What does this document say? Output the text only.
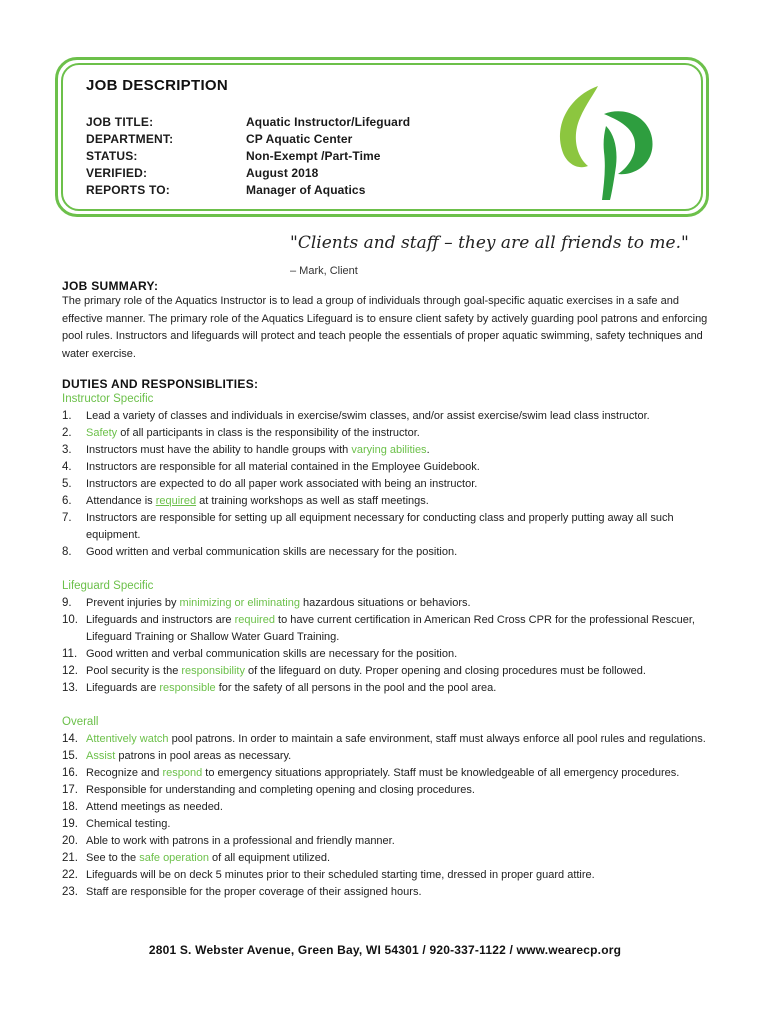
JOB DESCRIPTION
JOB TITLE:	Aquatic Instructor/Lifeguard
DEPARTMENT:	CP Aquatic Center
STATUS:	Non-Exempt /Part-Time
VERIFIED:	August 2018
REPORTS TO:	Manager of Aquatics
"Clients and staff – they are all friends to me."
– Mark, Client
JOB SUMMARY:

The primary role of the Aquatics Instructor is to lead a group of individuals through goal-specific aquatic exercises in a safe and effective manner. The primary role of the Aquatics Lifeguard is to ensure client safety by actively guarding pool patrons and enforcing pool rules. Instructors and lifeguards will protect and teach people the essentials of proper aquatic swimming, safety techniques and water exercise.

DUTIES AND RESPONSIBLITIES:
Instructor Specific
1.	Lead a variety of classes and individuals in exercise/swim classes, and/or assist exercise/swim lead class instructor.
2.	Safety of all participants in class is the responsibility of the instructor.
3.	Instructors must have the ability to handle groups with varying abilities.
4.	Instructors are responsible for all material contained in the Employee Guidebook.
5.	Instructors are expected to do all paper work associated with being an instructor.
6.	Attendance is required at training workshops as well as staff meetings.
7.	Instructors are responsible for setting up all equipment necessary for conducting class and properly putting away all such equipment.
8.	Good written and verbal communication skills are necessary for the position.
Lifeguard Specific
9.	Prevent injuries by minimizing or eliminating hazardous situations or behaviors.
10. Lifeguards and instructors are required to have current certification in American Red Cross CPR for the professional Rescuer, Lifeguard Training or Shallow Water Guard Training.
11. Good written and verbal communication skills are necessary for the position.
12. Pool security is the responsibility of the lifeguard on duty. Proper opening and closing procedures must be followed.
13. Lifeguards are responsible for the safety of all persons in the pool and the pool area.
Overall
14. Attentively watch pool patrons. In order to maintain a safe environment, staff must always enforce all pool rules and regulations.
15. Assist patrons in pool areas as necessary.
16. Recognize and respond to emergency situations appropriately. Staff must be knowledgeable of all emergency procedures.
17. Responsible for understanding and completing opening and closing procedures.
18. Attend meetings as needed.
19. Chemical testing.
20. Able to work with patrons in a professional and friendly manner.
21. See to the safe operation of all equipment utilized.
22. Lifeguards will be on deck 5 minutes prior to their scheduled starting time, dressed in proper guard attire.
23. Staff are responsible for the proper coverage of their assigned hours.
2801 S. Webster Avenue, Green Bay, WI 54301 / 920-337-1122 / www.wearecp.org
